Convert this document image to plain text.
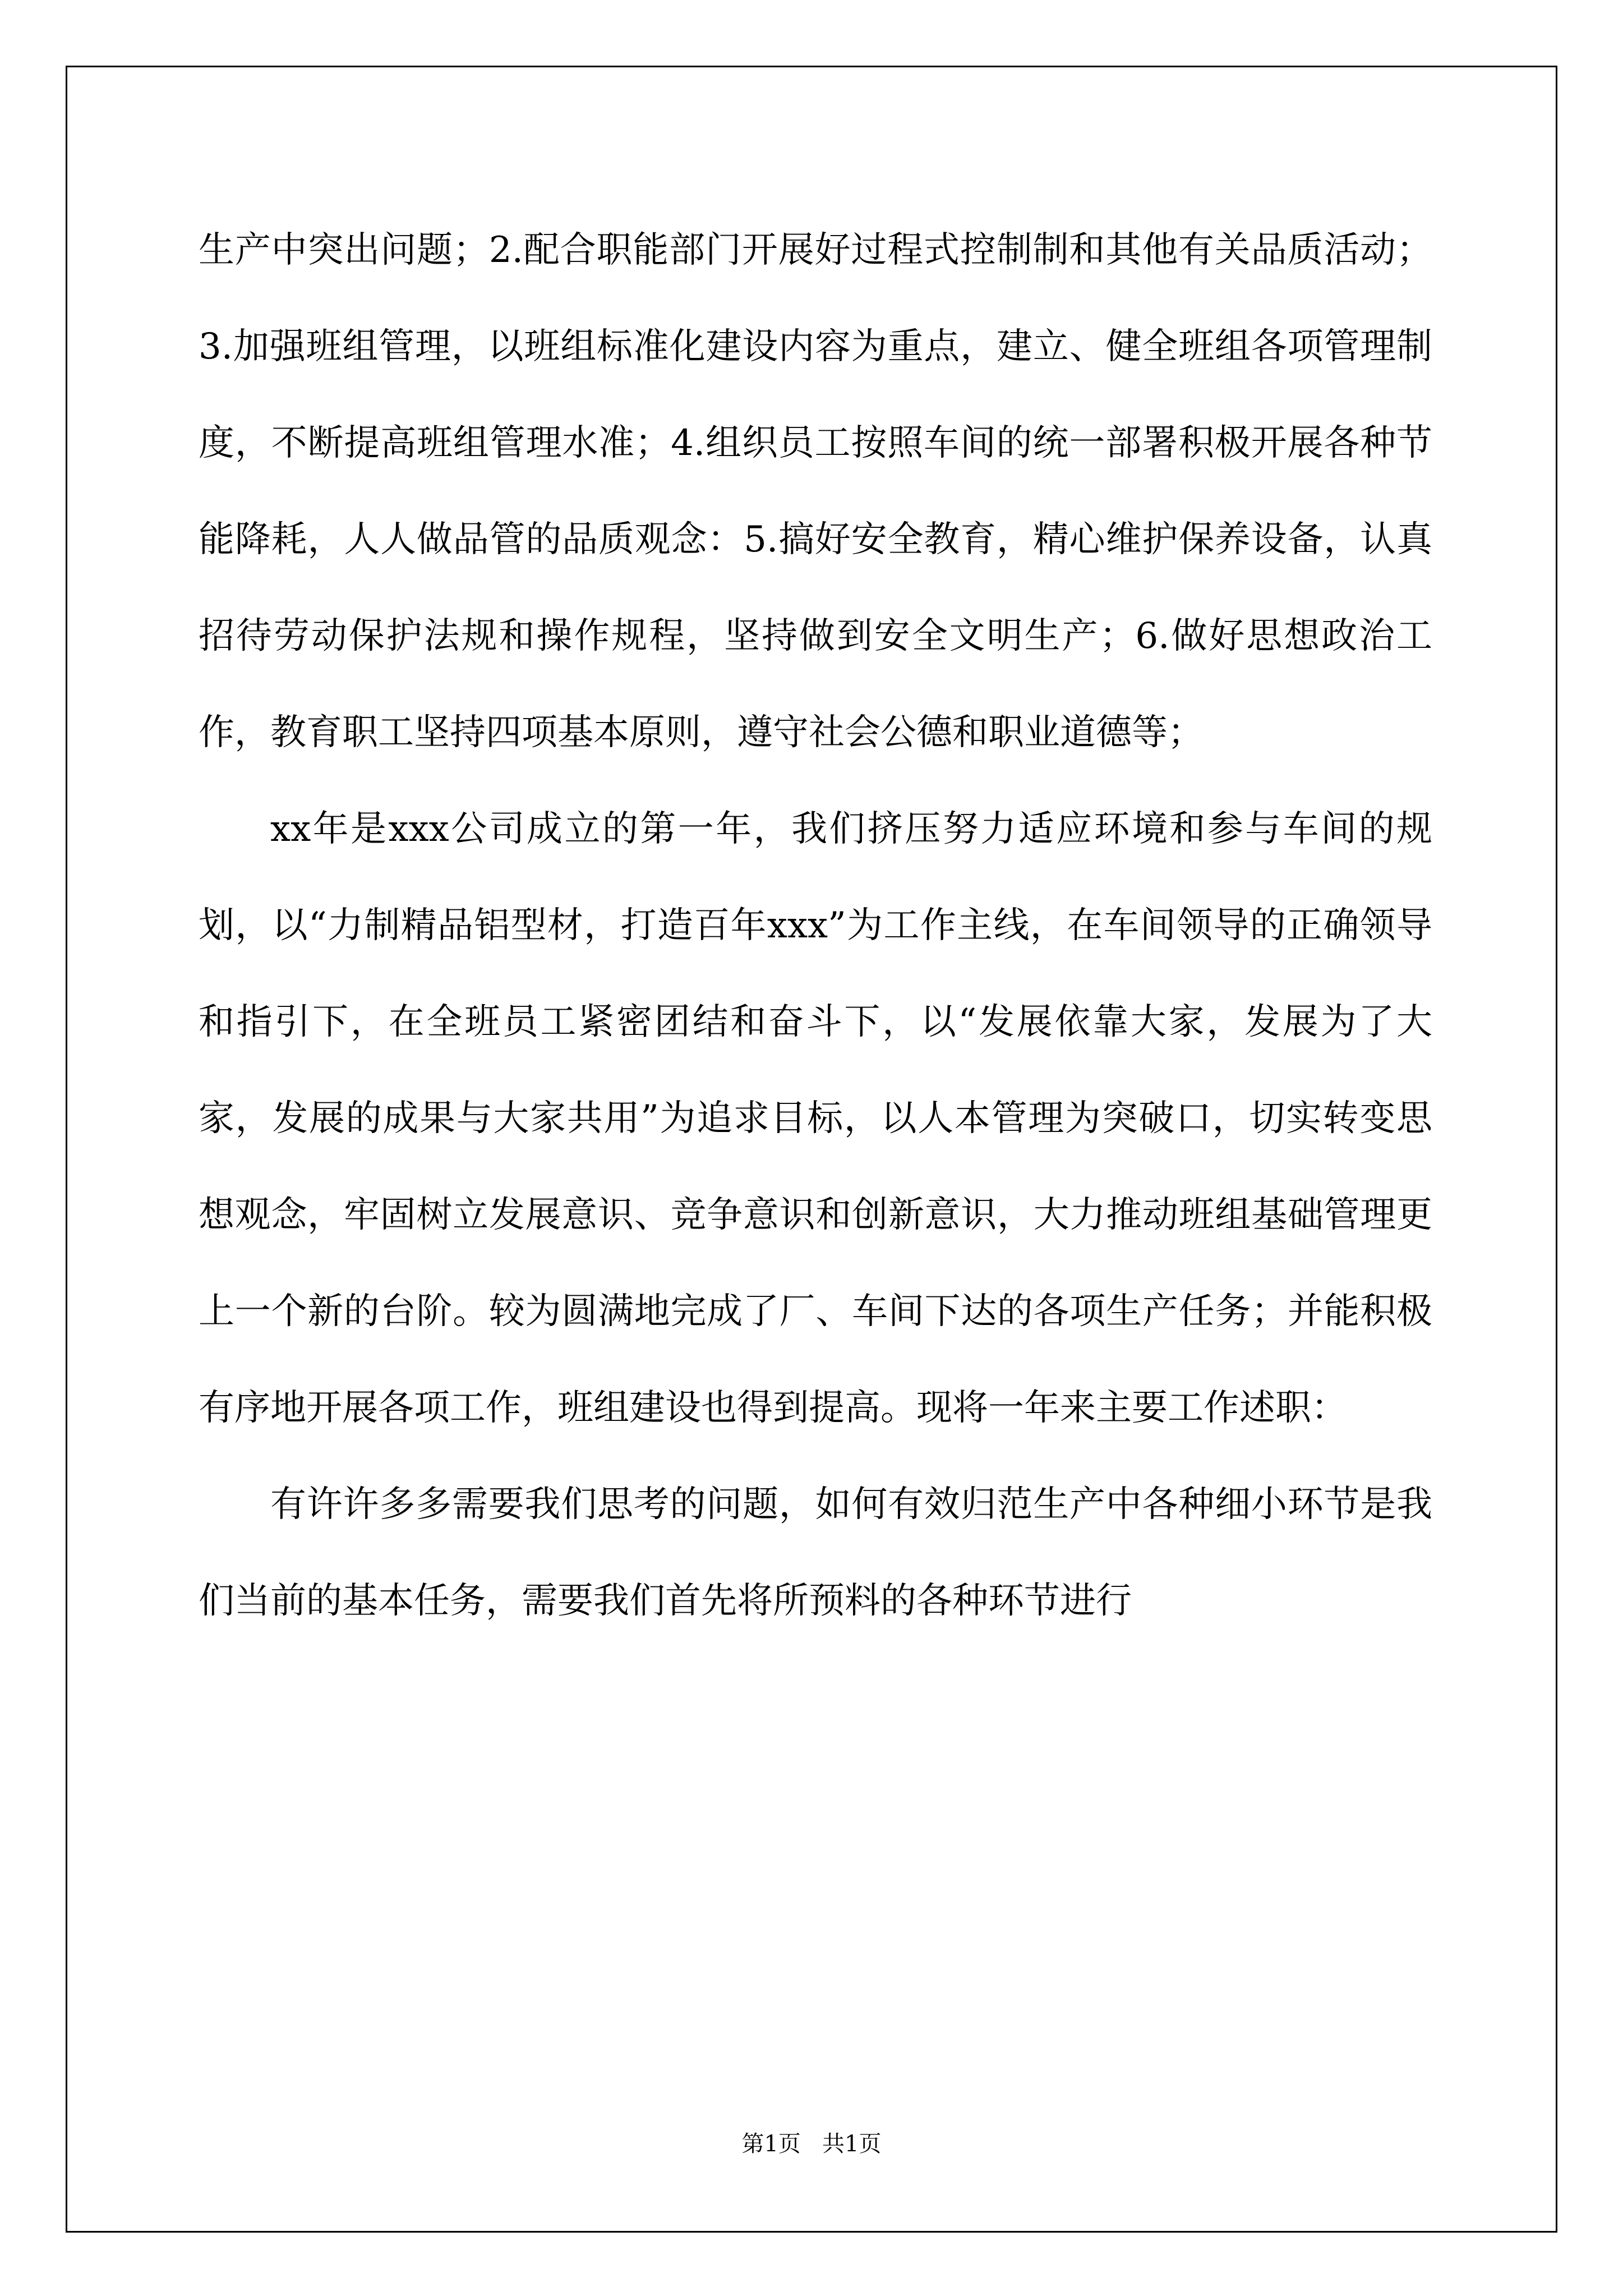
生产中突出问题；2.配合职能部门开展好过程式控制制和其他有关品质活动；3.加强班组管理，以班组标准化建设内容为重点，建立、健全班组各项管理制度，不断提高班组管理水准；4.组织员工按照车间的统一部署积极开展各种节能降耗，人人做品管的品质观念：5.搞好安全教育，精心维护保养设备，认真招待劳动保护法规和操作规程，坚持做到安全文明生产；6.做好思想政治工作，教育职工坚持四项基本原则，遵守社会公德和职业道德等；

xx年是xxx公司成立的第一年，我们挤压努力适应环境和参与车间的规划，以“力制精品铝型材，打造百年xxx”为工作主线，在车间领导的正确领导和指引下，在全班员工紧密团结和奋斗下，以“发展依靠大家，发展为了大家，发展的成果与大家共用”为追求目标，以人本管理为突破口，切实转变思想观念，牢固树立发展意识、竞争意识和创新意识，大力推动班组基础管理更上一个新的台阶。较为圆满地完成了厂、车间下达的各项生产任务；并能积极有序地开展各项工作，班组建设也得到提高。现将一年来主要工作述职：

有许许多多需要我们思考的问题，如何有效归范生产中各种细小环节是我们当前的基本任务，需要我们首先将所预料的各种环节进行

第1页   共1页
